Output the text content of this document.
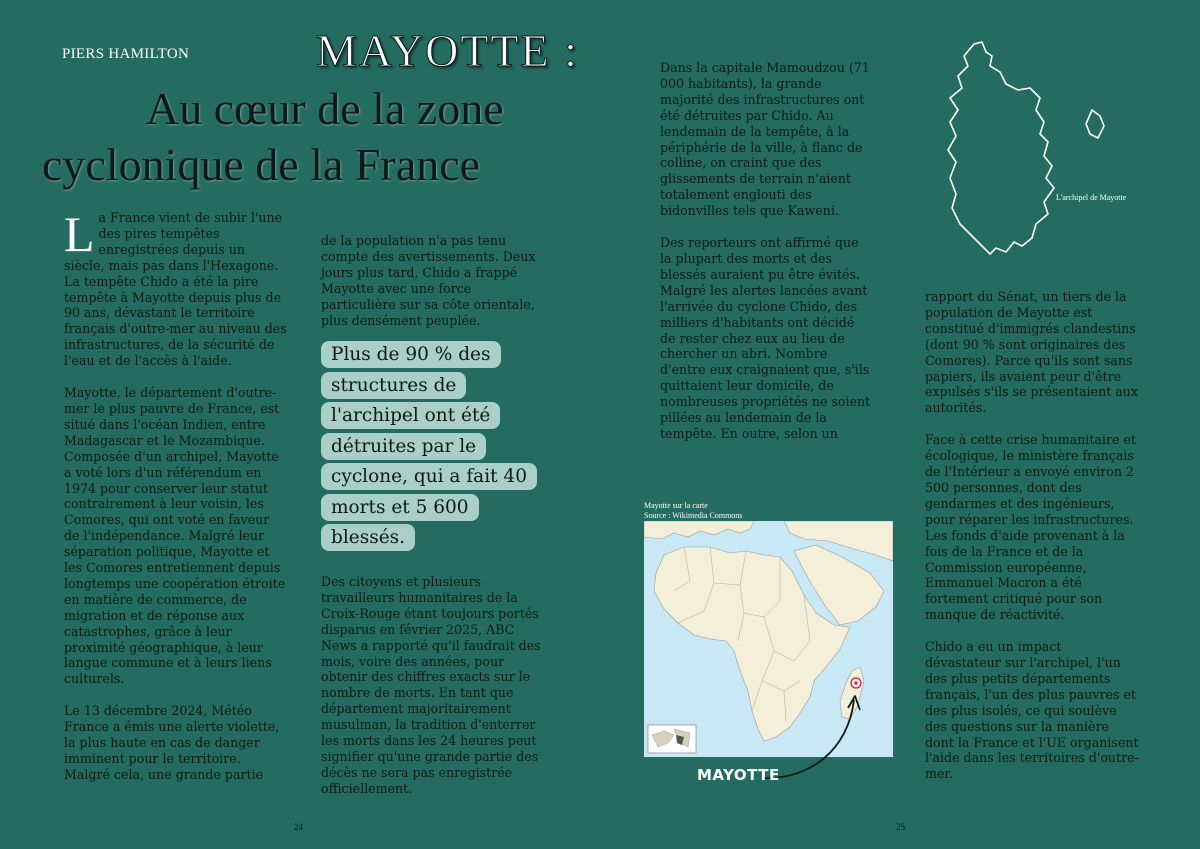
PIERS HAMILTON	MAYOTTE :
Au cœur de la zone
cyclonique de la France

L a France vient de subir l'une des pires tempêtes enregistrées depuis un siècle, mais pas dans l'Hexagone. La tempête Chido a été la pire tempête à Mayotte depuis plus de 90 ans, dévastant le territoire français d'outre-mer au niveau des infrastructures, de la sécurité de l'eau et de l'accès à l'aide.

Mayotte, le département d'outre-mer le plus pauvre de France, est situé dans l'océan Indien, entre Madagascar et le Mozambique. Composée d'un archipel, Mayotte a voté lors d'un référendum en 1974 pour conserver leur statut contrairement à leur voisin, les Comores, qui ont voté en faveur de l'indépendance. Malgré leur séparation politique, Mayotte et les Comores entretiennent depuis longtemps une coopération étroite en matière de commerce, de migration et de réponse aux catastrophes, grâce à leur proximité géographique, à leur langue commune et à leurs liens culturels.

Le 13 décembre 2024, Météo France a émis une alerte violette, la plus haute en cas de danger imminent pour le territoire. Malgré cela, une grande partie

de la population n'a pas tenu compte des avertissements. Deux jours plus tard, Chido a frappé Mayotte avec une force particulière sur sa côte orientale, plus densément peuplée.

Plus de 90 % des structures de l'archipel ont été détruites par le cyclone, qui a fait 40 morts et 5 600 blessés.

Des citoyens et plusieurs travailleurs humanitaires de la Croix-Rouge étant toujours portés disparus en février 2025, ABC News a rapporté qu'il faudrait des mois, voire des années, pour obtenir des chiffres exacts sur le nombre de morts. En tant que département majoritairement musulman, la tradition d'enterrer les morts dans les 24 heures peut signifier qu'une grande partie des décès ne sera pas enregistrée officiellement.

24

Dans la capitale Mamoudzou (71 000 habitants), la grande majorité des infrastructures ont été détruites par Chido. Au lendemain de la tempête, à la périphérie de la ville, à flanc de colline, on craint que des glissements de terrain n'aient totalement englouti des bidonvilles tels que Kaweni.

Des reporteurs ont affirmé que la plupart des morts et des blessés auraient pu être évités. Malgré les alertes lancées avant l'arrivée du cyclone Chido, des milliers d'habitants ont décidé de rester chez eux au lieu de chercher un abri. Nombre d'entre eux craignaient que, s'ils quittaient leur domicile, de nombreuses propriétés ne soient pillées au lendemain de la tempête. En outre, selon un

L'archipel de Mayotte
Mayotte sur la carte
Source : Wikimedia Commons
MAYOTTE

rapport du Sénat, un tiers de la population de Mayotte est constitué d'immigrés clandestins (dont 90 % sont originaires des Comores). Parce qu'ils sont sans papiers, ils avaient peur d'être expulsés s'ils se présentaient aux autorités.

Face à cette crise humanitaire et écologique, le ministère français de l'Intérieur a envoyé environ 2 500 personnes, dont des gendarmes et des ingénieurs, pour réparer les infrastructures. Les fonds d'aide provenant à la fois de la France et de la Commission européenne, Emmanuel Macron a été fortement critiqué pour son manque de réactivité.

Chido a eu un impact dévastateur sur l'archipel, l'un des plus petits départements français, l'un des plus pauvres et des plus isolés, ce qui soulève des questions sur la manière dont la France et l'UE organisent l'aide dans les territoires d'outre-mer.

25
